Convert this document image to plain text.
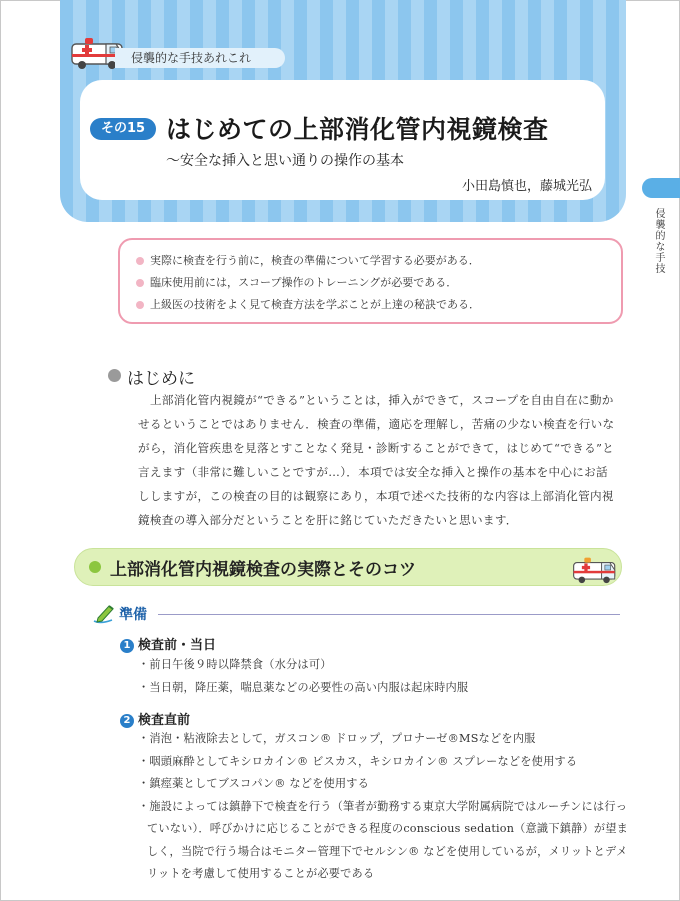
侵襲的な手技あれこれ
その15 はじめての上部消化管内視鏡検査
～安全な挿入と思い通りの操作の基本
小田島慎也，藤城光弘
侵襲的な手技
実際に検査を行う前に，検査の準備について学習する必要がある．
臨床使用前には，スコープ操作のトレーニングが必要である．
上級医の技術をよく見て検査方法を学ぶことが上達の秘訣である．
はじめに
上部消化管内視鏡が“できる”ということは，挿入ができて，スコープを自由自在に動かせるということではありません．検査の準備，適応を理解し，苦痛の少ない検査を行いながら，消化管疾患を見落とすことなく発見・診断することができて，はじめて“できる”と言えます（非常に難しいことですが…）．本項では安全な挿入と操作の基本を中心にお話ししますが，この検査の目的は観察にあり，本項で述べた技術的な内容は上部消化管内視鏡検査の導入部分だということを肝に銘じていただきたいと思います．
上部消化管内視鏡検査の実際とそのコツ
準備
1 検査前・当日
・前日午後９時以降禁食（水分は可）
・当日朝，降圧薬，喘息薬などの必要性の高い内服は起床時内服
2 検査直前
・消泡・粘液除去として，ガスコン® ドロップ，プロナーゼ®MSなどを内服
・咽頭麻酔としてキシロカイン® ビスカス，キシロカイン® スプレーなどを使用する
・鎮痙薬としてブスコパン® などを使用する
・施設によっては鎮静下で検査を行う（筆者が勤務する東京大学附属病院ではルーチンには行っていない）．呼びかけに応じることができる程度のconscious sedation（意識下鎮静）が望ましく，当院で行う場合はモニター管理下でセルシン® などを使用しているが，メリットとデメリットを考慮して使用することが必要である
